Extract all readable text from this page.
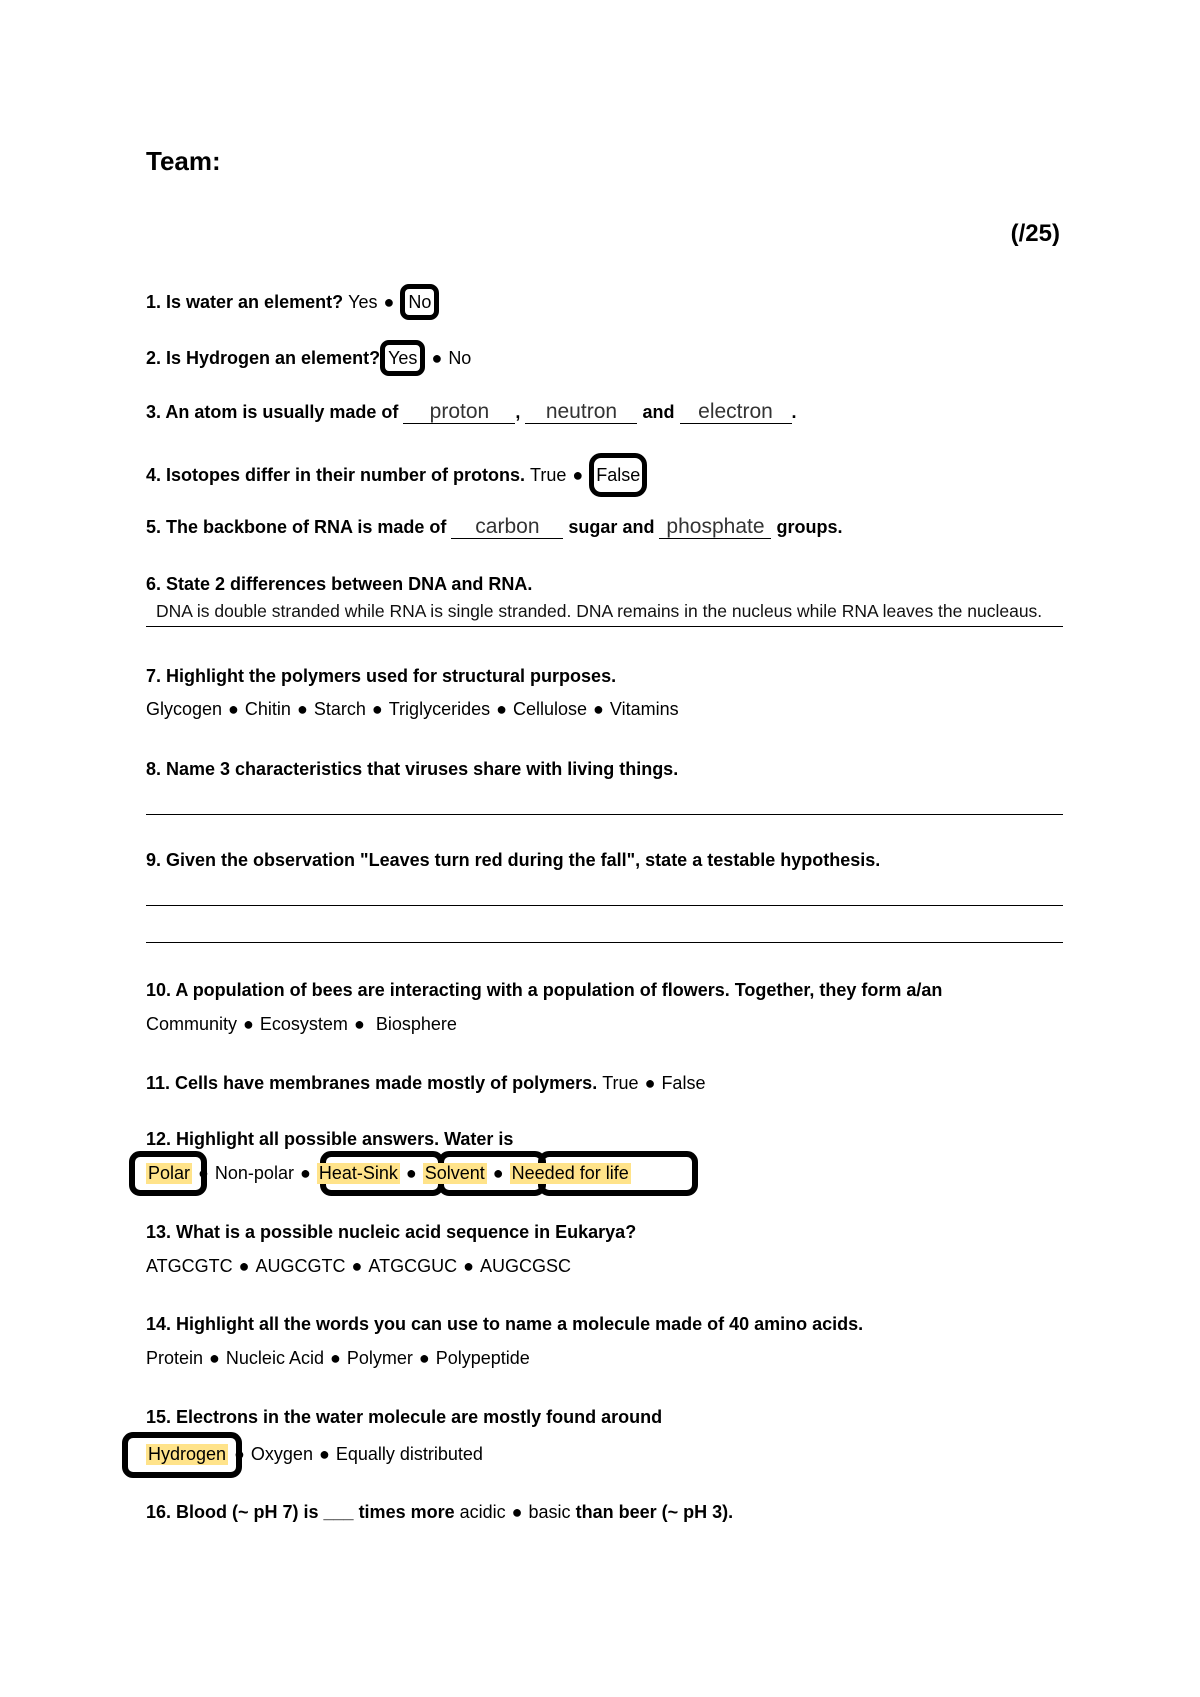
Team:
(/25)
1. Is water an element? Yes ● No
2. Is Hydrogen an element? Yes ● No
3. An atom is usually made of proton , neutron and electron .
4. Isotopes differ in their number of protons. True ● False
5. The backbone of RNA is made of carbon sugar and phosphate groups.
6. State 2 differences between DNA and RNA.
DNA is double stranded while RNA is single stranded. DNA remains in the nucleus while RNA leaves the nucleaus.
7. Highlight the polymers used for structural purposes.
Glycogen ● Chitin ● Starch ● Triglycerides ● Cellulose ● Vitamins
8. Name 3 characteristics that viruses share with living things.
9. Given the observation "Leaves turn red during the fall", state a testable hypothesis.
10. A population of bees are interacting with a population of flowers. Together, they form a/an
Community ● Ecosystem ● Biosphere
11. Cells have membranes made mostly of polymers. True ● False
12. Highlight all possible answers. Water is
Polar ● Non-polar ● Heat-Sink ● Solvent ● Needed for life
13. What is a possible nucleic acid sequence in Eukarya?
ATGCGTC ● AUGCGTC ● ATGCGUC ● AUGCGSC
14. Highlight all the words you can use to name a molecule made of 40 amino acids.
Protein ● Nucleic Acid ● Polymer ● Polypeptide
15. Electrons in the water molecule are mostly found around
Hydrogen ● Oxygen ● Equally distributed
16. Blood (~ pH 7) is ___ times more acidic ● basic than beer (~ pH 3).
